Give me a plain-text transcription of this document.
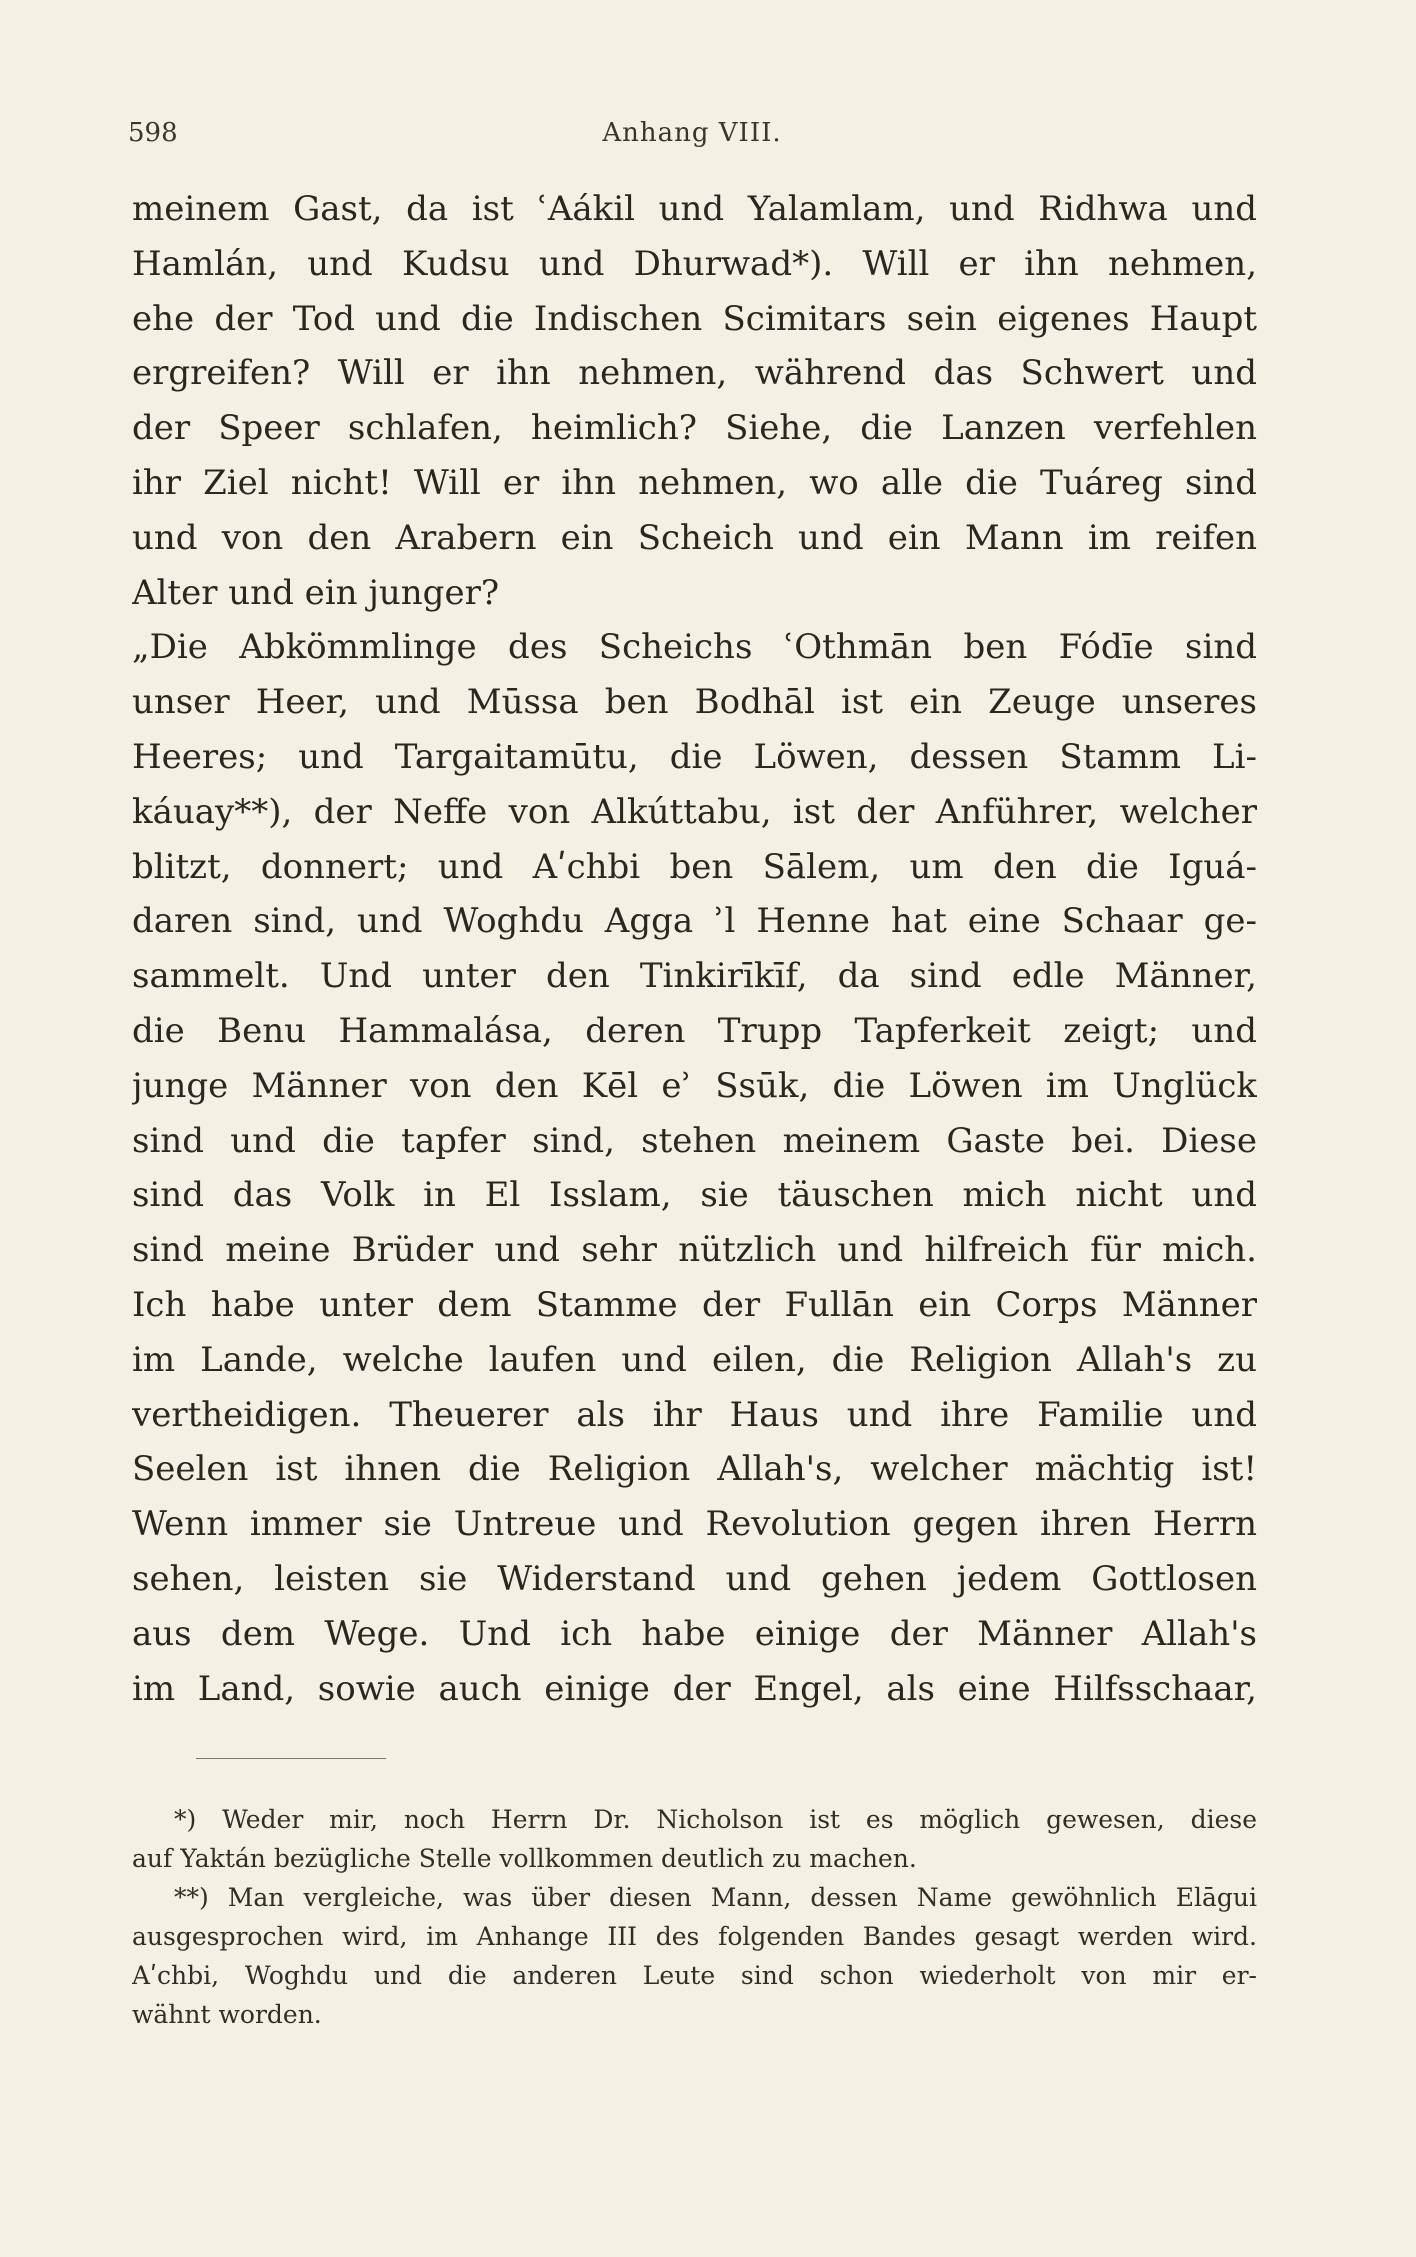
598	Anhang VIII.
meinem Gast, da ist ʿAákil und Yalamlam, und Ridhwa und
Hamlán, und Kudsu und Dhurwad*). Will er ihn nehmen,
ehe der Tod und die Indischen Scimitars sein eigenes Haupt
ergreifen? Will er ihn nehmen, während das Schwert und
der Speer schlafen, heimlich? Siehe, die Lanzen verfehlen
ihr Ziel nicht! Will er ihn nehmen, wo alle die Tuáreg sind
und von den Arabern ein Scheich und ein Mann im reifen
Alter und ein junger?
„Die Abkömmlinge des Scheichs ʿOthmān ben Fódīe sind
unser Heer, und Mūssa ben Bodhāl ist ein Zeuge unseres
Heeres; und Targaitamūtu, die Löwen, dessen Stamm Li-
káuay**), der Neffe von Alkúttabu, ist der Anführer, welcher
blitzt, donnert; und Aʹchbi ben Sālem, um den die Iguá-
daren sind, und Woghdu Agga ʾl Henne hat eine Schaar ge-
sammelt. Und unter den Tinkirīkīf, da sind edle Männer,
die Benu Hammalása, deren Trupp Tapferkeit zeigt; und
junge Männer von den Kēl eʾ Ssūk, die Löwen im Unglück
sind und die tapfer sind, stehen meinem Gaste bei. Diese
sind das Volk in El Isslam, sie täuschen mich nicht und
sind meine Brüder und sehr nützlich und hilfreich für mich.
Ich habe unter dem Stamme der Fullān ein Corps Männer
im Lande, welche laufen und eilen, die Religion Allah's zu
vertheidigen. Theuerer als ihr Haus und ihre Familie und
Seelen ist ihnen die Religion Allah's, welcher mächtig ist!
Wenn immer sie Untreue und Revolution gegen ihren Herrn
sehen, leisten sie Widerstand und gehen jedem Gottlosen
aus dem Wege. Und ich habe einige der Männer Allah's
im Land, sowie auch einige der Engel, als eine Hilfsschaar,
*) Weder mir, noch Herrn Dr. Nicholson ist es möglich gewesen, diese
auf Yaktán bezügliche Stelle vollkommen deutlich zu machen.
**) Man vergleiche, was über diesen Mann, dessen Name gewöhnlich Elāgui
ausgesprochen wird, im Anhange III des folgenden Bandes gesagt werden wird.
Aʹchbi, Woghdu und die anderen Leute sind schon wiederholt von mir er-
wähnt worden.
